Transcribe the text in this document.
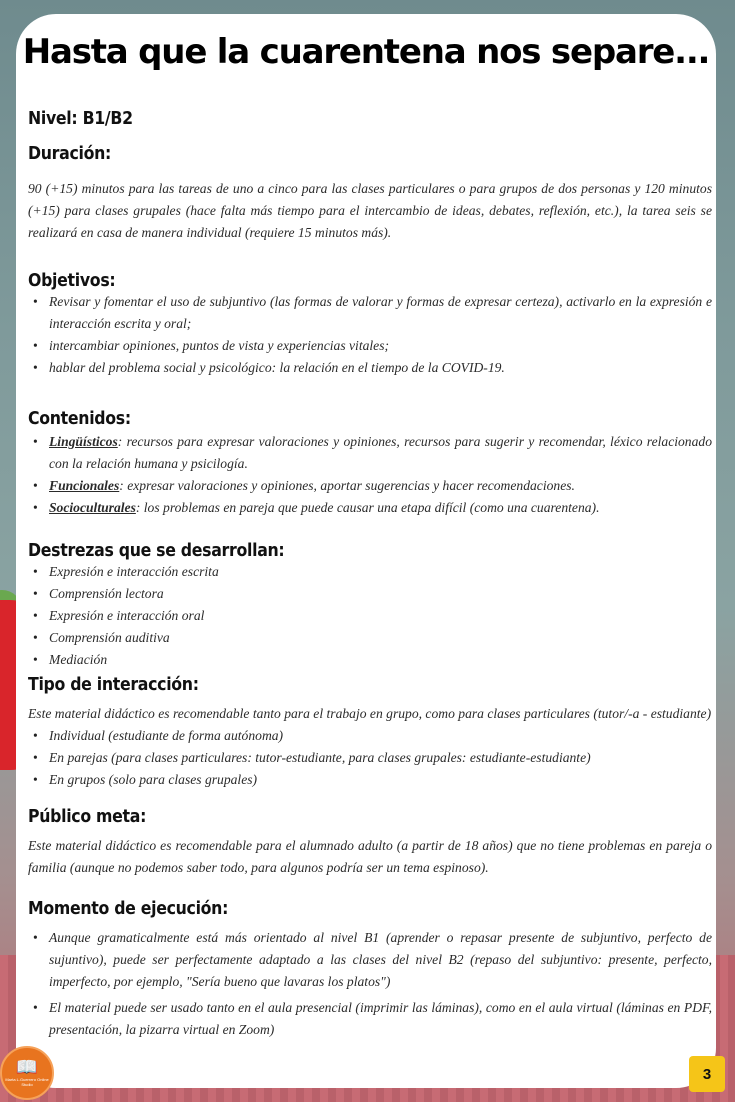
Hasta que la cuarentena nos separe...
Nivel: B1/B2
Duración:

90 (+15) minutos para las tareas de uno a cinco para las clases particulares o para grupos de dos personas y 120 minutos (+15) para clases grupales (hace falta más tiempo para el intercambio de ideas, debates, reflexión, etc.), la tarea seis se realizará en casa de manera individual (requiere 15 minutos más).

Objetivos:
• Revisar y fomentar el uso de subjuntivo (las formas de valorar y formas de expresar certeza), activarlo en la expresión e interacción escrita y oral;
• intercambiar opiniones, puntos de vista y experiencias vitales;
• hablar del problema social y psicológico: la relación en el tiempo de la COVID-19.
Contenidos:
• Lingüísticos: recursos para expresar valoraciones y opiniones, recursos para sugerir y recomendar, léxico relacionado con la relación humana y psicilogía.
• Funcionales: expresar valoraciones y opiniones, aportar sugerencias y hacer recomendaciones.
• Socioculturales: los problemas en pareja que puede causar una etapa difícil (como una cuarentena).
Destrezas que se desarrollan:
• Expresión e interacción escrita
• Comprensión lectora
• Expresión e interacción oral
• Comprensión auditiva
• Mediación
Tipo de interacción:

Este material didáctico es recomendable tanto para el trabajo en grupo, como para clases particulares (tutor/-a - estudiante)

• Individual (estudiante de forma autónoma)
• En parejas (para clases particulares: tutor-estudiante, para clases grupales: estudiante-estudiante)
• En grupos (solo para clases grupales)
Público meta:

Este material didáctico es recomendable para el alumnado adulto (a partir de 18 años) que no tiene problemas en pareja o familia (aunque no podemos saber todo, para algunos podría ser un tema espinoso).

Momento de ejecución:
• Aunque gramaticalmente está más orientado al nivel B1 (aprender o repasar presente de subjuntivo, perfecto de sujuntivo), puede ser perfectamente adaptado a las clases del nivel B2 (repaso del subjuntivo: presente, perfecto, imperfecto, por ejemplo, "Sería bueno que lavaras los platos")
• El material puede ser usado tanto en el aula presencial (imprimir las láminas), como en el aula virtual (láminas en PDF, presentación, la pizarra virtual en Zoom)
3
📖
Marta L.Guerrero Online Studio
